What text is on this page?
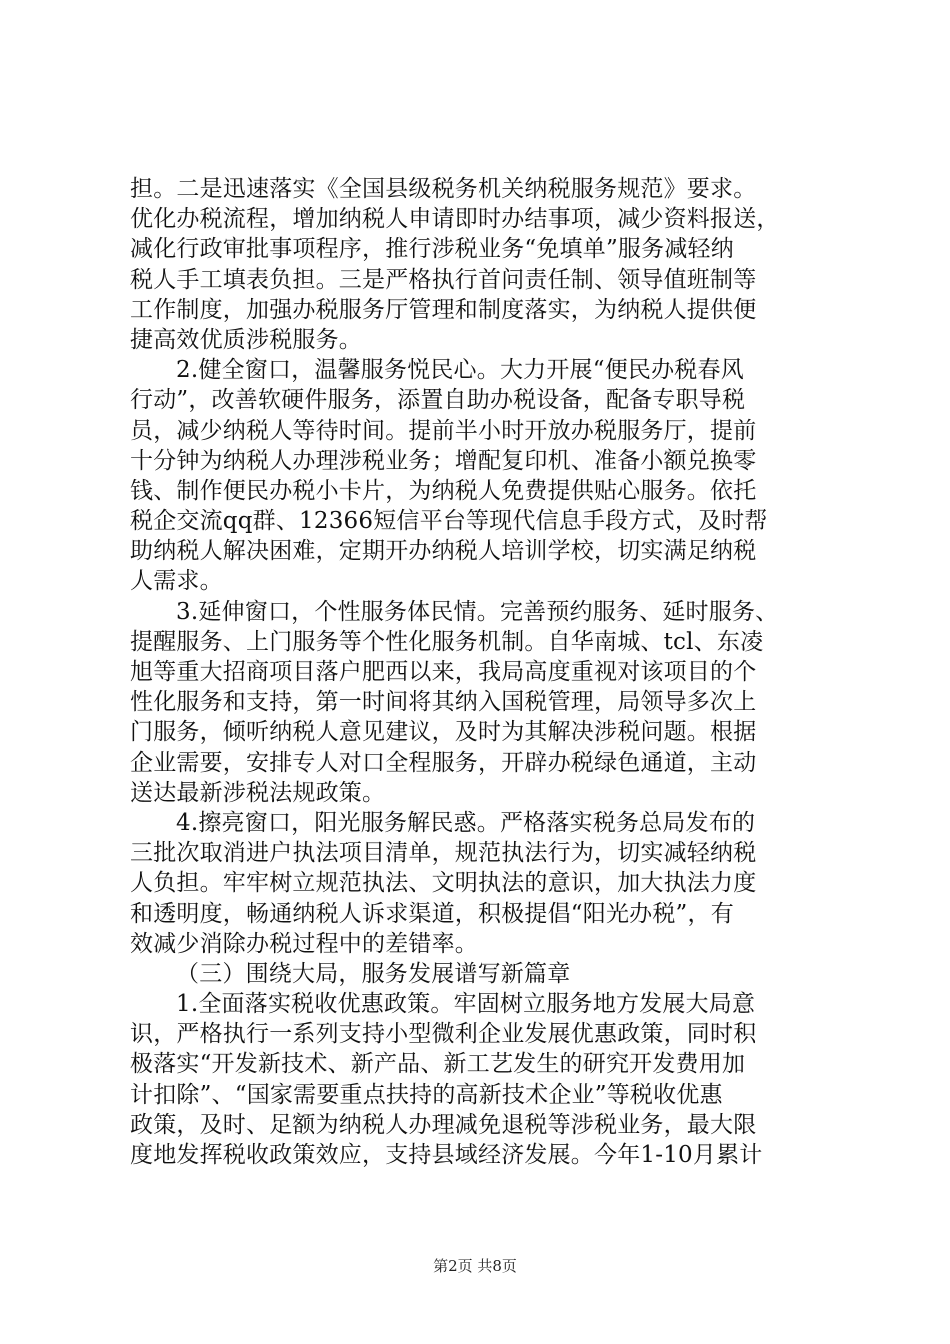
担。二是迅速落实《全国县级税务机关纳税服务规范》要求。
优化办税流程，增加纳税人申请即时办结事项，减少资料报送，
减化行政审批事项程序，推行涉税业务“免填单”服务减轻纳
税人手工填表负担。三是严格执行首问责任制、领导值班制等
工作制度，加强办税服务厅管理和制度落实，为纳税人提供便
捷高效优质涉税服务。
2.健全窗口，温馨服务悦民心。大力开展“便民办税春风
行动”，改善软硬件服务，添置自助办税设备，配备专职导税
员，减少纳税人等待时间。提前半小时开放办税服务厅，提前
十分钟为纳税人办理涉税业务；增配复印机、准备小额兑换零
钱、制作便民办税小卡片，为纳税人免费提供贴心服务。依托
税企交流qq群、12366短信平台等现代信息手段方式，及时帮
助纳税人解决困难，定期开办纳税人培训学校，切实满足纳税
人需求。
3.延伸窗口，个性服务体民情。完善预约服务、延时服务、
提醒服务、上门服务等个性化服务机制。自华南城、tcl、东凌
旭等重大招商项目落户肥西以来，我局高度重视对该项目的个
性化服务和支持，第一时间将其纳入国税管理，局领导多次上
门服务，倾听纳税人意见建议，及时为其解决涉税问题。根据
企业需要，安排专人对口全程服务，开辟办税绿色通道，主动
送达最新涉税法规政策。
4.擦亮窗口，阳光服务解民惑。严格落实税务总局发布的
三批次取消进户执法项目清单，规范执法行为，切实减轻纳税
人负担。牢牢树立规范执法、文明执法的意识，加大执法力度
和透明度，畅通纳税人诉求渠道，积极提倡“阳光办税”，有
效减少消除办税过程中的差错率。
（三）围绕大局，服务发展谱写新篇章
1.全面落实税收优惠政策。牢固树立服务地方发展大局意
识，严格执行一系列支持小型微利企业发展优惠政策，同时积
极落实“开发新技术、新产品、新工艺发生的研究开发费用加
计扣除”、“国家需要重点扶持的高新技术企业”等税收优惠
政策，及时、足额为纳税人办理减免退税等涉税业务，最大限
度地发挥税收政策效应，支持县域经济发展。今年1-10月累计
第2页 共8页
